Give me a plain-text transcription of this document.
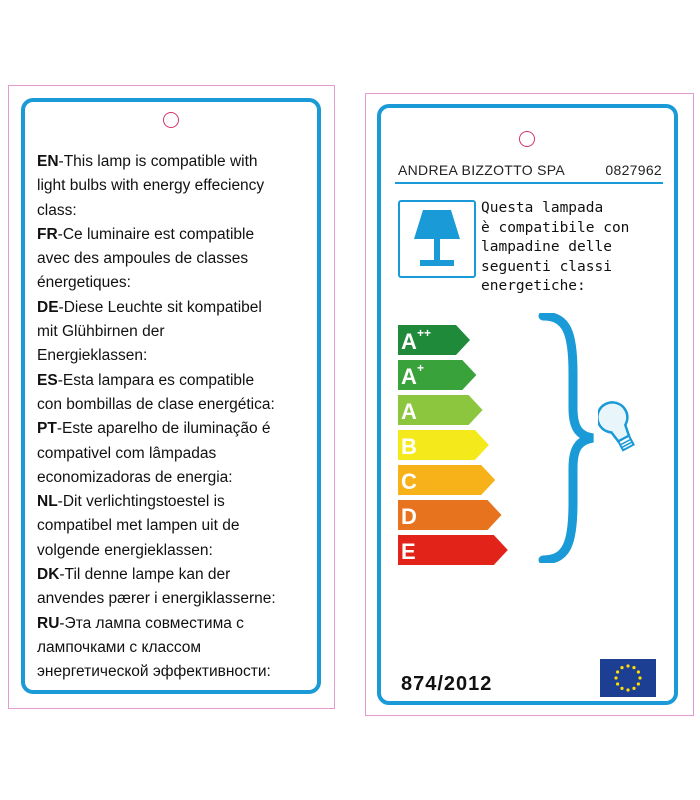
EN-This lamp is compatible with
light bulbs with energy effeciency
class:
FR-Ce luminaire est compatible
avec des ampoules de classes
énergetiques:
DE-Diese Leuchte sit kompatibel
mit Glühbirnen der
Energieklassen:
ES-Esta lampara es compatible
con bombillas de clase energética:
PT-Este aparelho de iluminação é
compativel com lâmpadas
economizadoras de energia:
NL-Dit verlichtingstoestel is
compatibel met lampen uit de
volgende energieklassen:
DK-Til denne lampe kan der
anvendes pærer i energiklasserne:
RU-Эта лампа совместима с
лампочками с классом
энергетической эффективности:
ANDREA BIZZOTTO SPA	0827962
Questa lampada
è compatibile con
lampadine delle
seguenti classi
energetiche:
A ++
A +
A
B
C
D
E
874/2012
